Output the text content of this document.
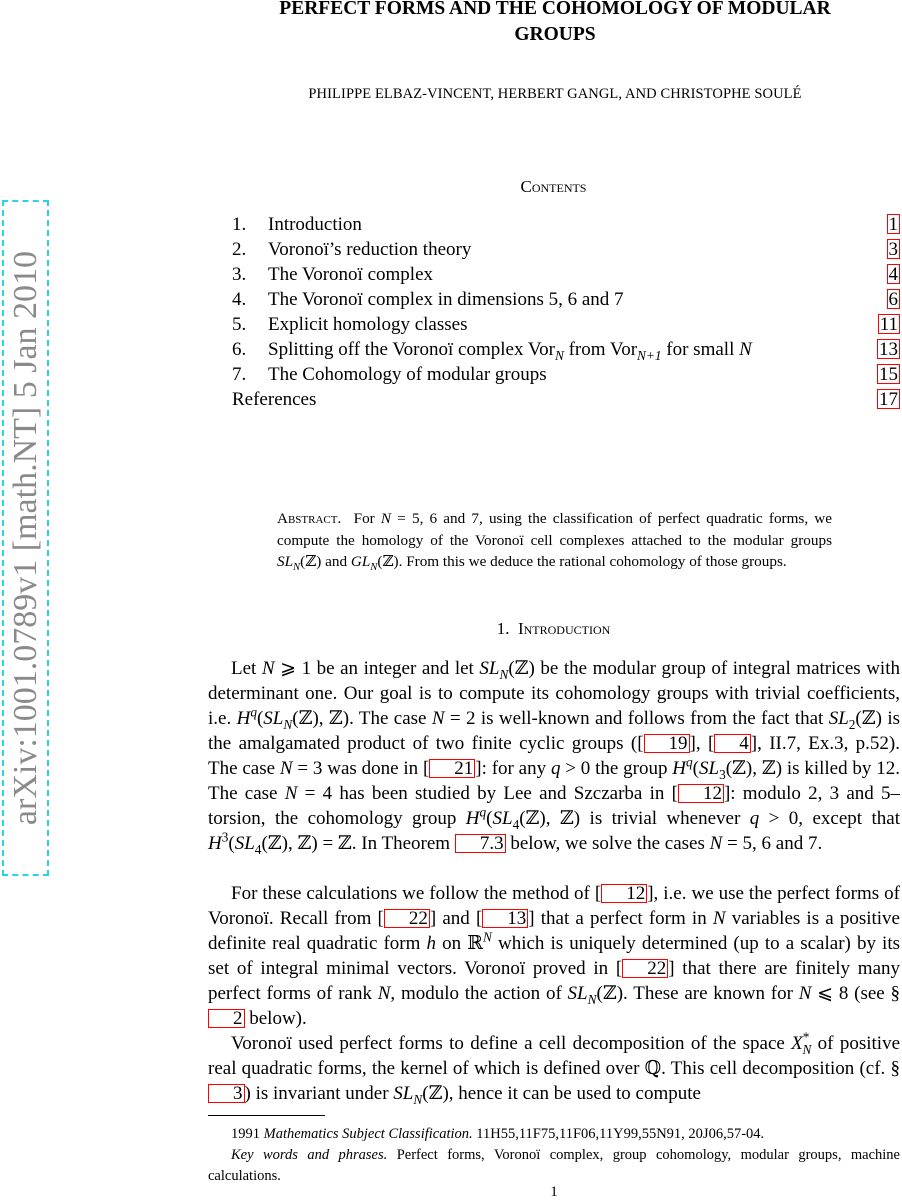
arXiv:1001.0789v1 [math.NT] 5 Jan 2010
PERFECT FORMS AND THE COHOMOLOGY OF MODULAR
GROUPS
PHILIPPE ELBAZ-VINCENT, HERBERT GANGL, AND CHRISTOPHE SOULÉ
Contents
1. Introduction	1
2. Voronoï’s reduction theory	3
3. The Voronoï complex	4
4. The Voronoï complex in dimensions 5, 6 and 7	6
5. Explicit homology classes	11
6. Splitting off the Voronoï complex Vor$_N$ from Vor$_{N+1}$ for small N	13
7. The Cohomology of modular groups	15
References	17
Abstract. For N = 5, 6 and 7, using the classification of perfect quadratic forms, we compute the homology of the Voronoï cell complexes attached to the modular groups $SL_N(ℤ)$ and $GL_N(ℤ)$. From this we deduce the rational cohomology of those groups.
1. Introduction
Let N ⩾ 1 be an integer and let $SL_N(ℤ)$ be the modular group of integral matrices with determinant one. Our goal is to compute its cohomology groups with trivial coefficients, i.e. $H^q(SL_N(ℤ)$, ℤ). The case N = 2 is well-known and follows from the fact that $SL_2(ℤ)$ is the amalgamated product of two finite cyclic groups ([ 19 ], [ 4 ], II.7, Ex.3, p.52). The case N = 3 was done in [ 21 ]: for any q > 0 the group $H^q(SL_3(ℤ)$, ℤ) is killed by 12. The case N = 4 has been studied by Lee and Szczarba in [ 12 ]: modulo 2, 3 and 5–torsion, the cohomology group $H^q(SL_4(ℤ)$, ℤ) is trivial whenever q > 0, except that $H^3(SL_4(ℤ)$, ℤ) = ℤ. In Theorem 7.3 below, we solve the cases N = 5, 6 and 7.
For these calculations we follow the method of [ 12 ], i.e. we use the perfect forms of Voronoï. Recall from [ 22 ] and [ 13 ] that a perfect form in N variables is a positive definite real quadratic form h on ℝ$^N$ which is uniquely determined (up to a scalar) by its set of integral minimal vectors. Voronoï proved in [ 22 ] that there are finitely many perfect forms of rank N, modulo the action of $SL_N(ℤ)$. These are known for N ⩽ 8 (see §2 below).
Voronoï used perfect forms to define a cell decomposition of the space $X^*_N$ of positive real quadratic forms, the kernel of which is defined over ℚ. This cell decomposition (cf. §3 ) is invariant under $SL_N(ℤ)$, hence it can be used to compute
1991 Mathematics Subject Classification. 11H55,11F75,11F06,11Y99,55N91, 20J06,57-04.
Key words and phrases. Perfect forms, Voronoï complex, group cohomology, modular groups, machine calculations.
1
